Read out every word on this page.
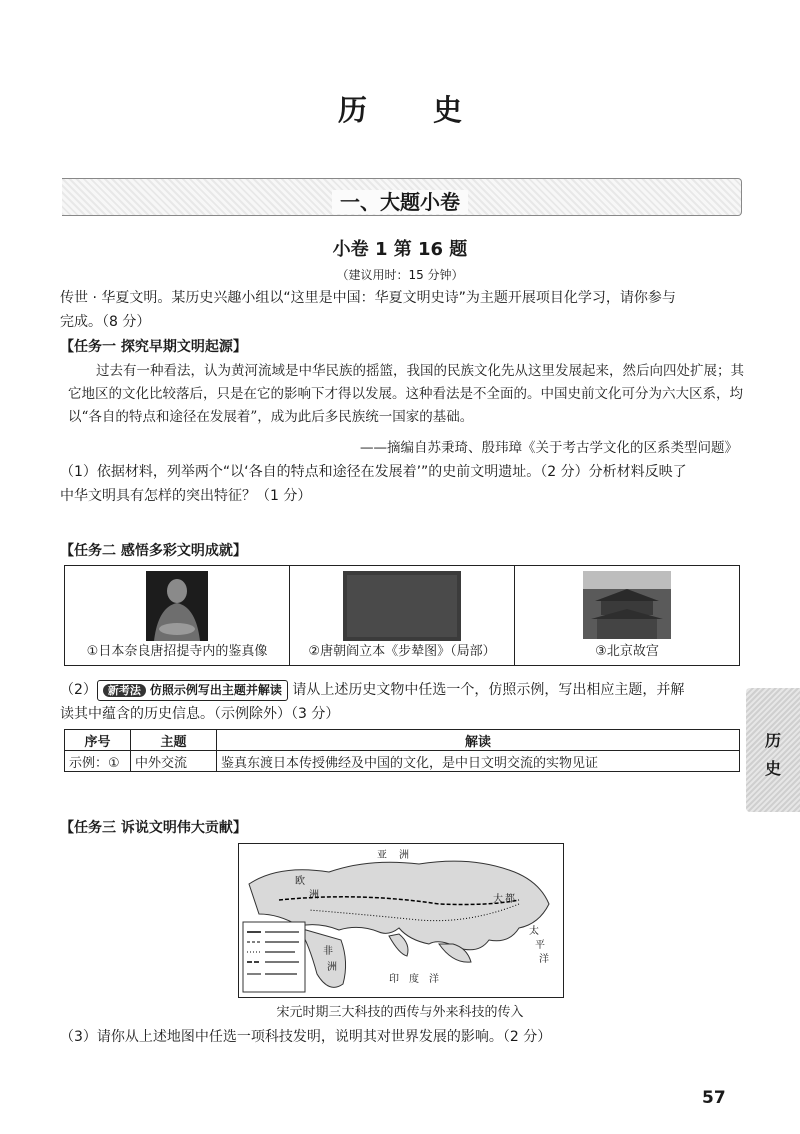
历 史
一、大题小卷
小卷 1 第 16 题
（建议用时：15 分钟）
传世 · 华夏文明。某历史兴趣小组以“这里是中国：华夏文明史诗”为主题开展项目化学习，请你参与
完成。（8 分）
【任务一 探究早期文明起源】
过去有一种看法，认为黄河流域是中华民族的摇篮，我国的民族文化先从这里发展起来，然后向四处扩展；其它地区的文化比较落后，只是在它的影响下才得以发展。这种看法是不全面的。中国史前文化可分为六大区系，均以“各自的特点和途径在发展着”，成为此后多民族统一国家的基础。
——摘编自苏秉琦、殷玮璋《关于考古学文化的区系类型问题》
（1）依据材料，列举两个“以‘各自的特点和途径在发展着’”的史前文明遗址。（2 分）分析材料反映了
中华文明具有怎样的突出特征？（1 分）
【任务二 感悟多彩文明成就】
①日本奈良唐招提寺内的鉴真像	②唐朝阎立本《步辇图》（局部）	③北京故宫
（2） 新考法 仿照示例写出主题并解读 请从上述历史文物中任选一个，仿照示例，写出相应主题，并解
读其中蕴含的历史信息。（示例除外）（3 分）
序号	主题	解读
示例：①	中外交流	鉴真东渡日本传授佛经及中国的文化，是中日文明交流的实物见证
历
史
【任务三 诉说文明伟大贡献】
亚 洲
欧
洲
非
洲
印 度 洋
太
平
洋
大 都
宋元时期三大科技的西传与外来科技的传入
（3）请你从上述地图中任选一项科技发明，说明其对世界发展的影响。（2 分）
57
